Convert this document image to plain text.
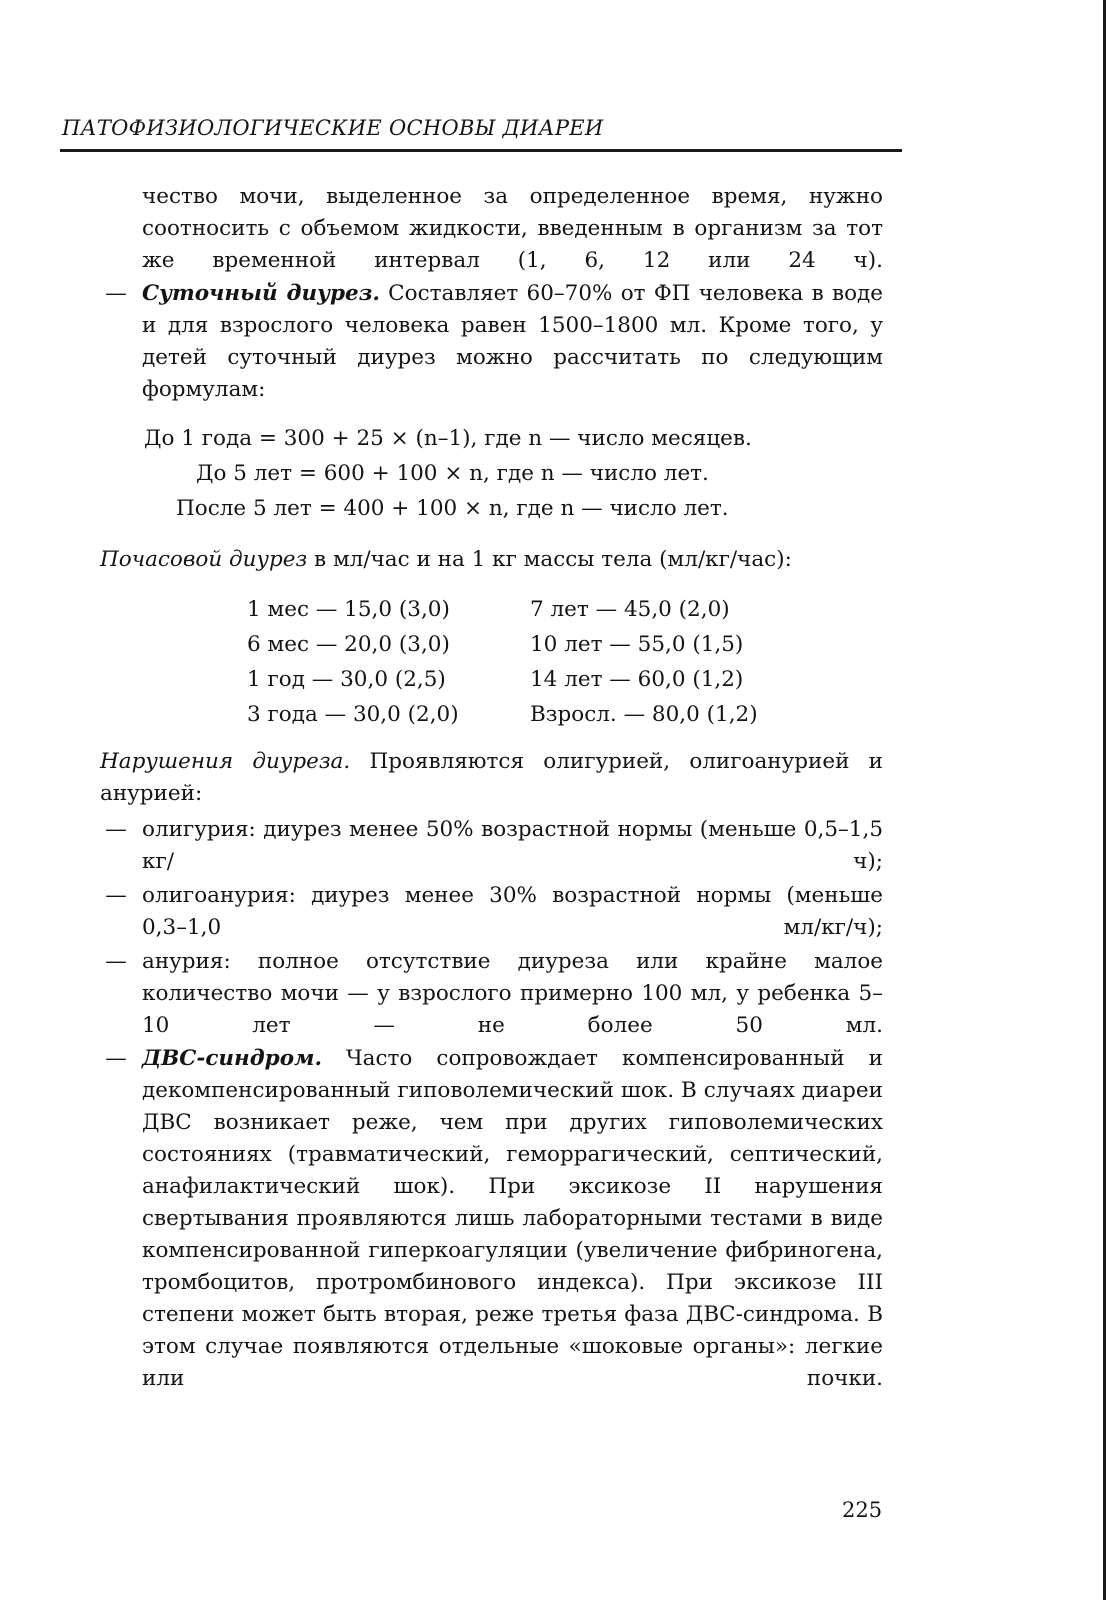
ПАТОФИЗИОЛОГИЧЕСКИЕ ОСНОВЫ ДИАРЕИ

чество мочи, выделенное за определенное время, нужно соотносить с объемом жидкости, введенным в организм за тот же временной интервал (1, 6, 12 или 24 ч).

— Суточный диурез. Составляет 60–70% от ФП человека в воде и для взрослого человека равен 1500–1800 мл. Кроме того, у детей суточный диурез можно рассчитать по следующим формулам:

До 1 года = 300 + 25 × (n–1), где n — число месяцев.
До 5 лет = 600 + 100 × n, где n — число лет.
После 5 лет = 400 + 100 × n, где n — число лет.

Почасовой диурез в мл/час и на 1 кг массы тела (мл/кг/час):

1 мес — 15,0 (3,0)
6 мес — 20,0 (3,0)
1 год — 30,0 (2,5)
3 года — 30,0 (2,0)
7 лет — 45,0 (2,0)
10 лет — 55,0 (1,5)
14 лет — 60,0 (1,2)
Взросл. — 80,0 (1,2)

Нарушения диуреза. Проявляются олигурией, олигоанурией и анурией:

— олигурия: диурез менее 50% возрастной нормы (меньше 0,5–1,5 кг/ ч);

— олигоанурия: диурез менее 30% возрастной нормы (меньше 0,3–1,0 мл/кг/ч);

— анурия: полное отсутствие диуреза или крайне малое количество мочи — у взрослого примерно 100 мл, у ребенка 5–10 лет — не более 50 мл.

— ДВС-синдром. Часто сопровождает компенсированный и декомпенсированный гиповолемический шок. В случаях диареи ДВС возникает реже, чем при других гиповолемических состояниях (травматический, геморрагический, септический, анафилактический шок). При эксикозе II нарушения свертывания проявляются лишь лабораторными тестами в виде компенсированной гиперкоагуляции (увеличение фибриногена, тромбоцитов, протромбинового индекса). При эксикозе III степени может быть вторая, реже третья фаза ДВС-синдрома. В этом случае появляются отдельные «шоковые органы»: легкие или почки.

225
